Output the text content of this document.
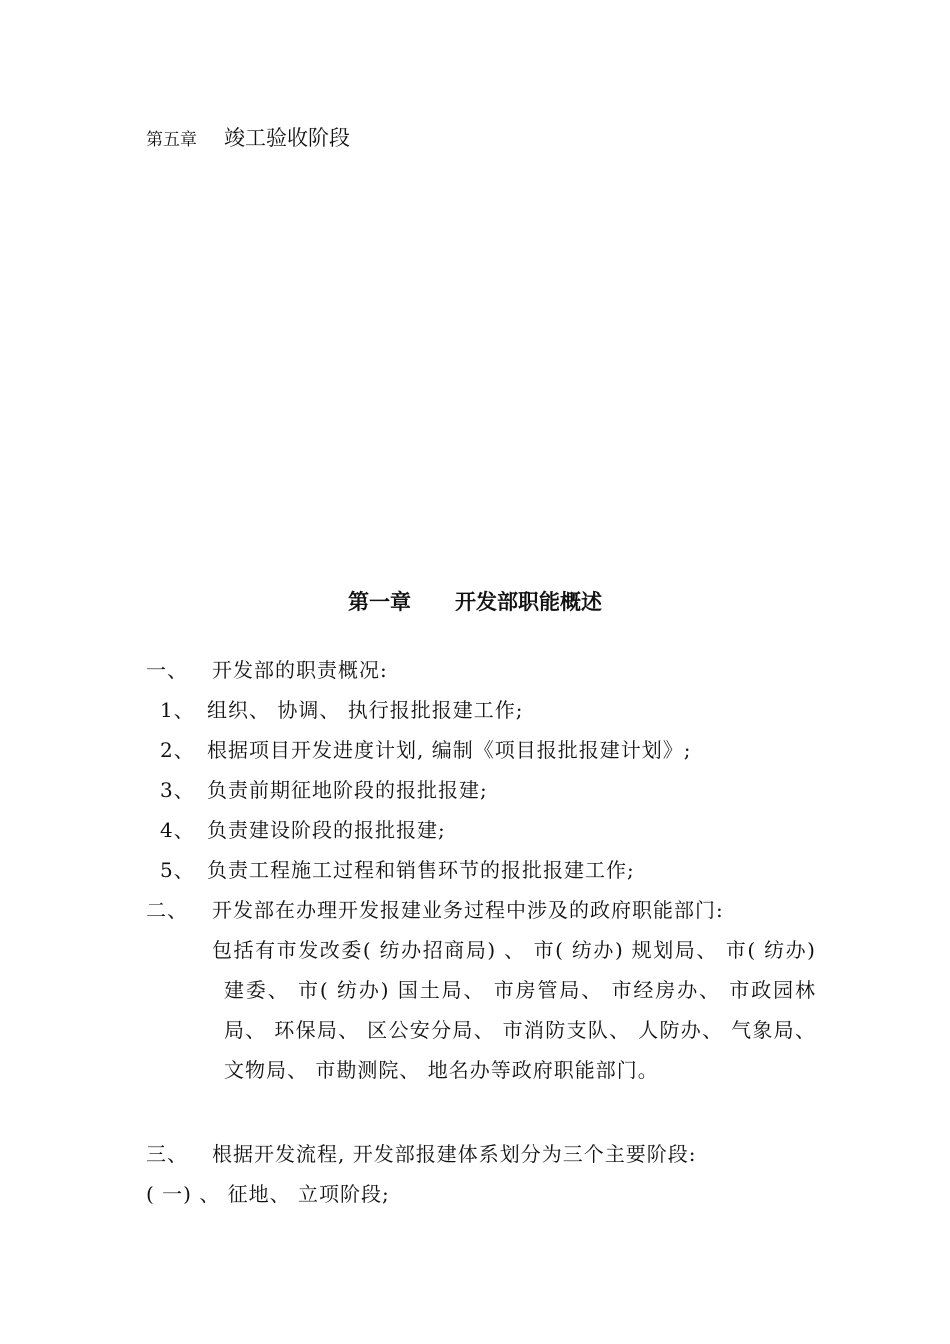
第五章 竣工验收阶段
第一章 开发部职能概述
一、 开发部的职责概况:
1、 组织、 协调、 执行报批报建工作;
2、 根据项目开发进度计划, 编制《项目报批报建计划》;
3、 负责前期征地阶段的报批报建;
4、 负责建设阶段的报批报建;
5、 负责工程施工过程和销售环节的报批报建工作;
二、 开发部在办理开发报建业务过程中涉及的政府职能部门:
包括有市发改委( 纺办招商局) 、 市( 纺办) 规划局、 市( 纺办) 建委、 市( 纺办) 国土局、 市房管局、 市经房办、 市政园林局、 环保局、 区公安分局、 市消防支队、 人防办、 气象局、 文物局、 市勘测院、 地名办等政府职能部门。
三、 根据开发流程, 开发部报建体系划分为三个主要阶段:
( 一) 、 征地、 立项阶段;
